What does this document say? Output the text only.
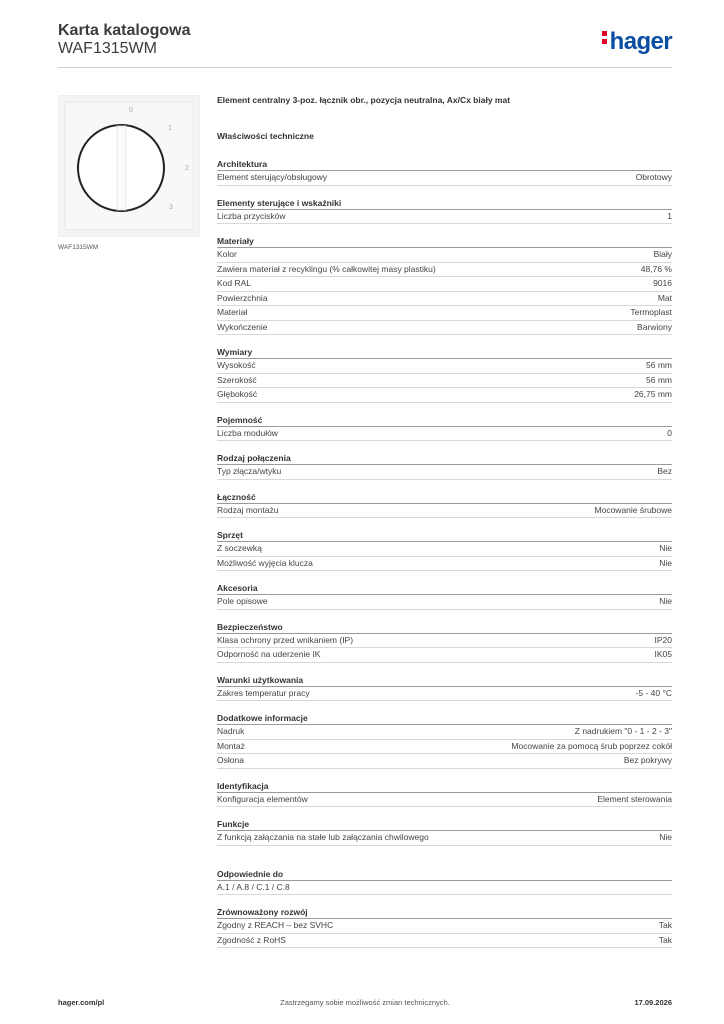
Karta katalogowa
WAF1315WM	hager
0
1
2
3
WAF1315WM
Element centralny 3-poz. łącznik obr., pozycja neutralna, Ax/Cx biały mat
Właściwości techniczne
Architektura
Element sterujący/obsługowy	Obrotowy
Elementy sterujące i wskaźniki
Liczba przycisków	1
Materiały
Kolor	Biały
Zawiera materiał z recyklingu (% całkowitej masy plastiku)	48,76 %
Kod RAL	9016
Powierzchnia	Mat
Materiał	Termoplast
Wykończenie	Barwiony
Wymiary
Wysokość	56 mm
Szerokość	56 mm
Głębokość	26,75 mm
Pojemność
Liczba modułów	0
Rodzaj połączenia
Typ złącza/wtyku	Bez
Łączność
Rodzaj montażu	Mocowanie śrubowe
Sprzęt
Z soczewką	Nie
Możliwość wyjęcia klucza	Nie
Akcesoria
Pole opisowe	Nie
Bezpieczeństwo
Klasa ochrony przed wnikaniem (IP)	IP20
Odporność na uderzenie IK	IK05
Warunki użytkowania
Zakres temperatur pracy	-5 - 40 °C
Dodatkowe informacje
Nadruk	Z nadrukiem "0 - 1 - 2 - 3"
Montaż	Mocowanie za pomocą śrub poprzez cokół
Osłona	Bez pokrywy
Identyfikacja
Konfiguracja elementów	Element sterowania
Funkcje
Z funkcją załączania na stałe lub załączania chwilowego	Nie
Odpowiednie do
A.1 / A.8 / C.1 / C.8
Zrównoważony rozwój
Zgodny z REACH – bez SVHC	Tak
Zgodność z RoHS	Tak
Zastrzegamy sobie możliwość zmian technicznych.
hager.com/pl	17.09.2026
